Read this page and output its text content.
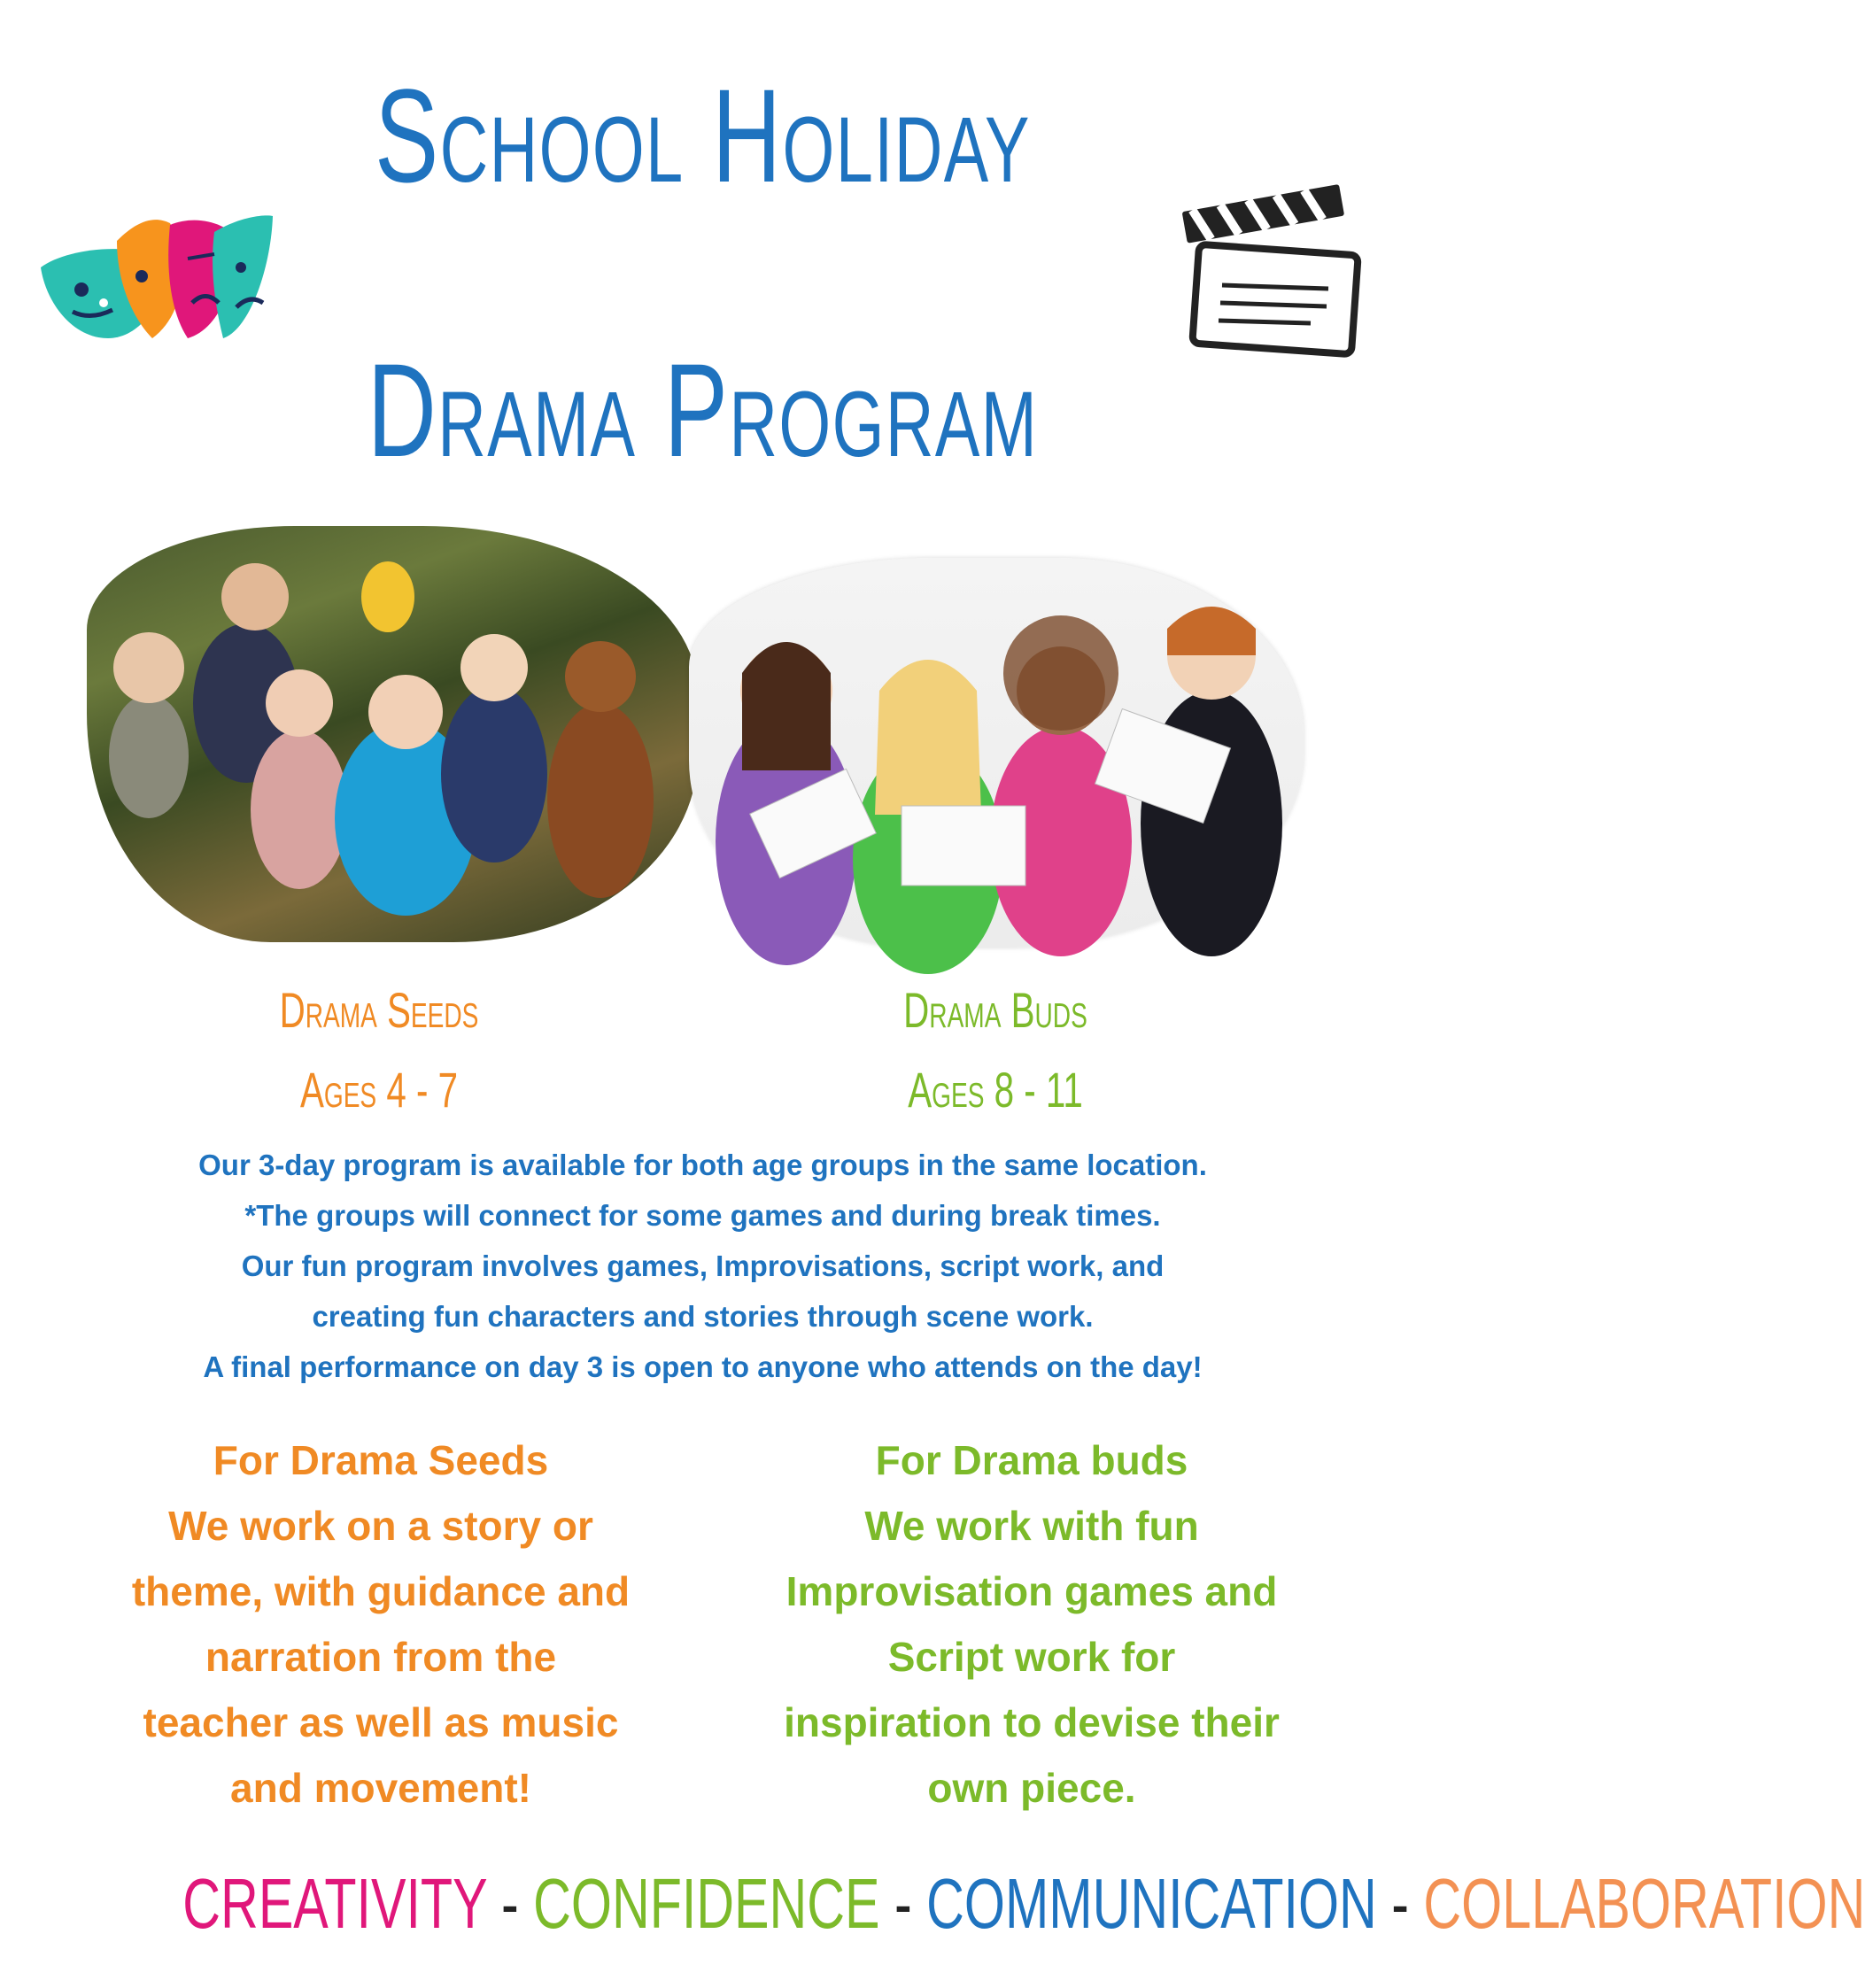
School Holiday
Drama Program
Drama Seeds
Ages 4 - 7
Drama Buds
Ages 8 - 11
Our 3-day program is available for both age groups in the same location.
*The groups will connect for some games and during break times.
Our fun program involves games, Improvisations, script work, and
creating fun characters and stories through scene work.
A final performance on day 3 is open to anyone who attends on the day!
For Drama Seeds
We work on a story or
theme, with guidance and
narration from the
teacher as well as music
and movement!
For Drama buds
We work with fun
Improvisation games and
Script work for
inspiration to devise their
own piece.
CREATIVITY - CONFIDENCE - COMMUNICATION - COLLABORATION
